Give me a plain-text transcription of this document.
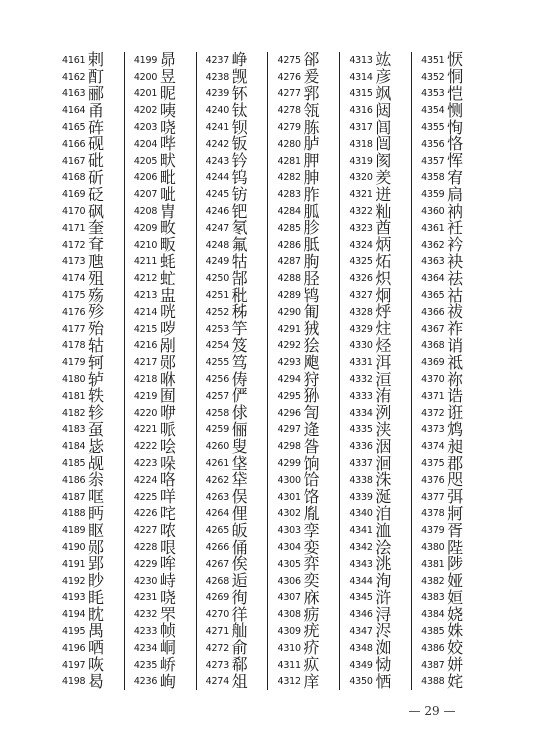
4161 剌
4162 酊
4163 郦
4164 甬
4165 砗
4166 砚
4167 砒
4168 斫
4169 砭
4170 砜
4171 奎
4172 耷
4173 虺
4174 殂
4175 殇
4176 殄
4177 殆
4178 轱
4179 轲
4180 轳
4181 轶
4182 轸
4183 虿
4184 毖
4185 觇
4186 尜
4187 哐
4188 眄
4189 眍
4190 郧
4191 郢
4192 眇
4193 眊
4194 眈
4195 禺
4196 哂
4197 咴
4198 曷
4199 昴
4200 昱
4201 昵
4202 咦
4203 哓
4204 哔
4205 畎
4206 毗
4207 呲
4208 胄
4209 畋
4210 畈
4211 蚝
4212 虻
4213 盅
4214 咣
4215 哕
4216 剐
4217 郧
4218 咻
4219 囿
4220 咿
4221 哌
4222 哙
4223 哚
4224 咯
4225 咩
4226 咤
4227 哝
4228 哏
4229 哞
4230 峙
4231 哓
4232 罘
4233 帧
4234 峒
4235 峤
4236 峋
4237 峥
4238 觊
4239 钚
4240 钛
4241 钡
4242 钣
4243 钤
4244 钨
4245 钫
4246 钯
4247 氡
4248 氟
4249 牯
4250 郜
4251 秕
4252 秭
4253 竽
4254 笈
4255 笃
4256 俦
4257 俨
4258 俅
4259 俪
4260 叟
4261 垡
4262 牮
4263 俣
4264 俚
4265 皈
4266 俑
4267 俟
4268 逅
4269 徇
4270 徉
4271 舢
4272 俞
4273 郗
4274 俎
4275 郤
4276 爰
4277 郛
4278 瓴
4279 胨
4280 胪
4281 胛
4282 胂
4283 胙
4284 胍
4285 胗
4286 胝
4287 朐
4288 胫
4289 鸨
4290 匍
4291 狨
4292 狯
4293 飑
4294 狩
4295 狲
4296 訇
4297 逄
4298 昝
4299 饷
4300 饸
4301 饹
4302 胤
4303 孪
4304 娈
4305 弈
4306 奕
4307 庥
4308 疬
4309 疣
4310 疥
4311 疭
4312 庠
4313 竑
4314 彦
4315 飒
4316 闼
4317 闾
4318 闿
4319 阂
4320 羑
4321 迸
4322 籼
4323 酋
4324 炳
4325 炻
4326 炽
4327 炯
4328 烀
4329 炷
4330 烃
4331 洱
4332 洹
4333 洧
4334 洌
4335 浃
4336 洇
4337 洄
4338 洙
4339 涎
4340 洎
4341 洫
4342 浍
4343 洮
4344 洵
4345 浒
4346 浔
4347 浕
4348 洳
4349 恸
4350 恓
4351 恹
4352 恫
4353 恺
4354 恻
4355 恂
4356 恪
4357 恽
4358 宥
4359 扃
4360 衲
4361 衽
4362 衿
4363 袂
4364 祛
4365 祜
4366 祓
4367 祚
4368 诮
4369 祗
4370 祢
4371 诰
4372 诳
4373 鸩
4374 昶
4375 郡
4376 咫
4377 弭
4378 牁
4379 胥
4380 陛
4381 陟
4382 娅
4383 姮
4384 娆
4385 姝
4386 姣
4387 姘
4388 姹
— 29 —
